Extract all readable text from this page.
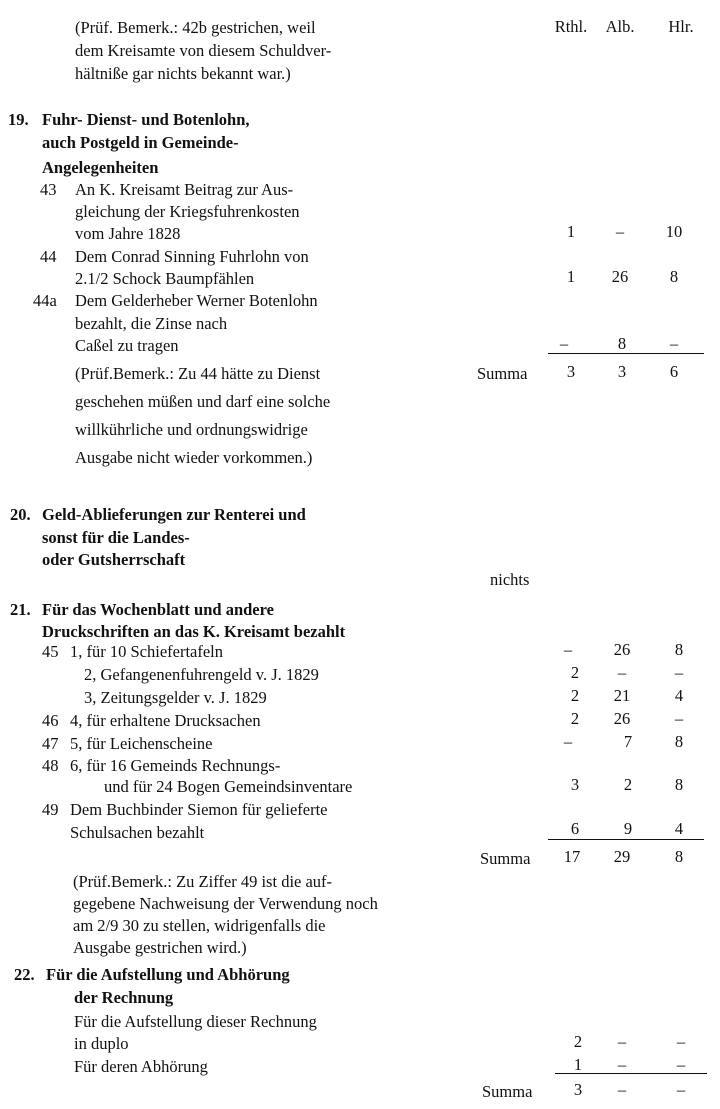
Rthl.	Alb.	Hlr.
(Prüf. Bemerk.: 42b gestrichen, weil
dem Kreisamte von diesem Schuldver-
hältniße gar nichts bekannt war.)
19. Fuhr- Dienst- und Botenlohn,
auch Postgeld in Gemeinde-
Angelegenheiten
43 An K. Kreisamt Beitrag zur Aus-
gleichung der Kriegsfuhrenkosten
vom Jahre 1828	1	–	10
44 Dem Conrad Sinning Fuhrlohn von
2.1/2 Schock Baumpfählen	1	26	8
44a Dem Gelderheber Werner Botenlohn
bezahlt, die Zinse nach
Caßel zu tragen	–	8	–
(Prüf.Bemerk.: Zu 44 hätte zu Dienst	Summa	3	3	6
geschehen müßen und darf eine solche
willkührliche und ordnungswidrige
Ausgabe nicht wieder vorkommen.)
20. Geld-Ablieferungen zur Renterei und
sonst für die Landes-
oder Gutsherrschaft
nichts
21. Für das Wochenblatt und andere
Druckschriften an das K. Kreisamt bezahlt
45 1, für 10 Schiefertafeln	–	26	8
2, Gefangenenfuhrengeld v. J. 1829	2	–	–
3, Zeitungsgelder v. J. 1829	2	21	4
46 4, für erhaltene Drucksachen	2	26	–
47 5, für Leichenscheine	–	7	8
48 6, für 16 Gemeinds Rechnungs-
und für 24 Bogen Gemeindsinventare	3	2	8
49 Dem Buchbinder Siemon für gelieferte
Schulsachen bezahlt	6	9	4
Summa	17	29	8
(Prüf.Bemerk.: Zu Ziffer 49 ist die auf-
gegebene Nachweisung der Verwendung noch
am 2/9 30 zu stellen, widrigenfalls die
Ausgabe gestrichen wird.)
22. Für die Aufstellung und Abhörung
der Rechnung
Für die Aufstellung dieser Rechnung
in duplo	2	–	–
Für deren Abhörung	1	–	–
Summa	3	–	–
